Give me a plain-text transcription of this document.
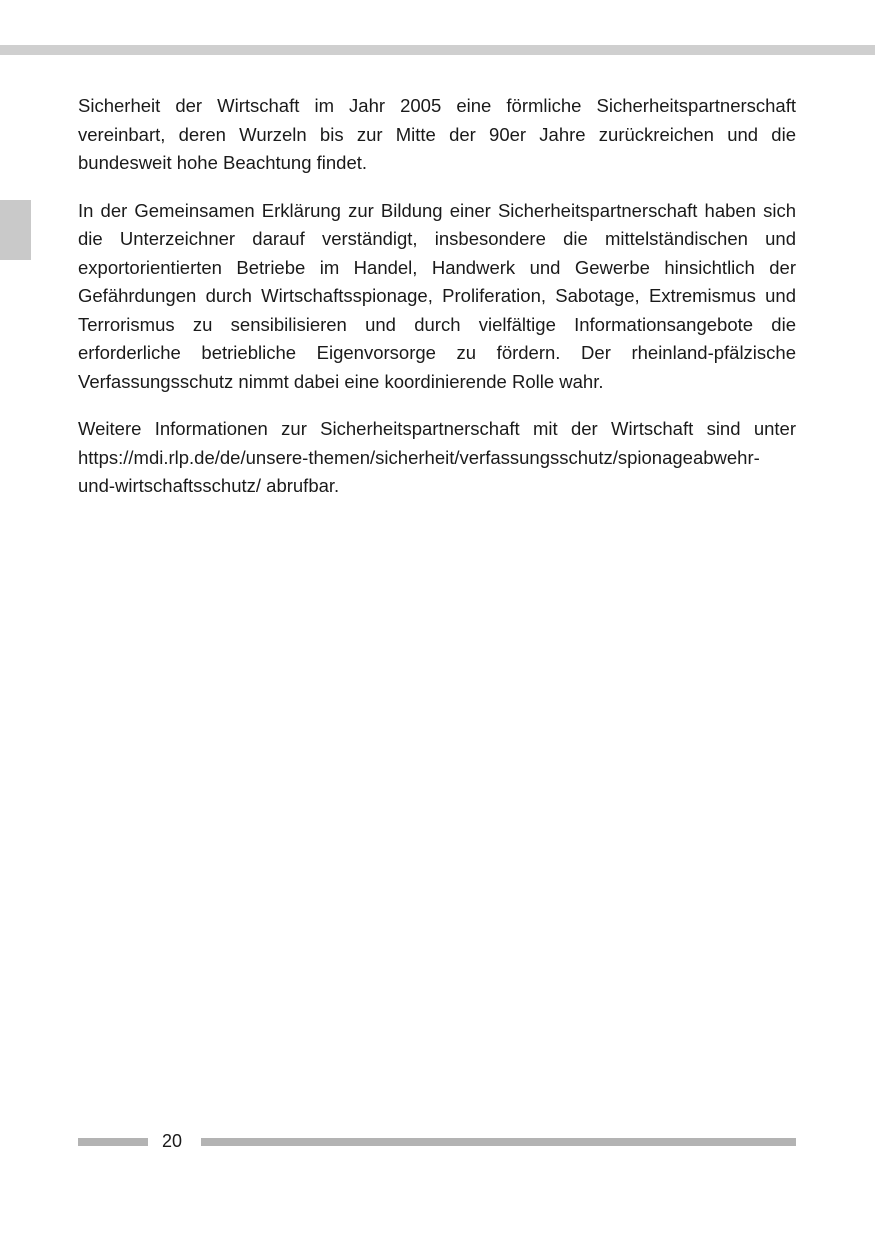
Sicherheit der Wirtschaft im Jahr 2005 eine förmliche Sicherheitspartnerschaft vereinbart, deren Wurzeln bis zur Mitte der 90er Jahre zurückreichen und die bundesweit hohe Beachtung findet.

In der Gemeinsamen Erklärung zur Bildung einer Sicherheitspartnerschaft haben sich die Unterzeichner darauf verständigt, insbesondere die mittelständischen und exportorientierten Betriebe im Handel, Handwerk und Gewerbe hinsichtlich der Gefährdungen durch Wirtschaftsspionage, Proliferation, Sabotage, Extremismus und Terrorismus zu sensibilisieren und durch vielfältige Informationsangebote die erforderliche betriebliche Eigenvorsorge zu fördern. Der rheinland-pfälzische Verfassungsschutz nimmt dabei eine koordinierende Rolle wahr.

Weitere Informationen zur Sicherheitspartnerschaft mit der Wirtschaft sind unter https://mdi.rlp.de/de/unsere-themen/sicherheit/verfassungsschutz/spionageabwehr-und-wirtschaftsschutz/ abrufbar.

20
